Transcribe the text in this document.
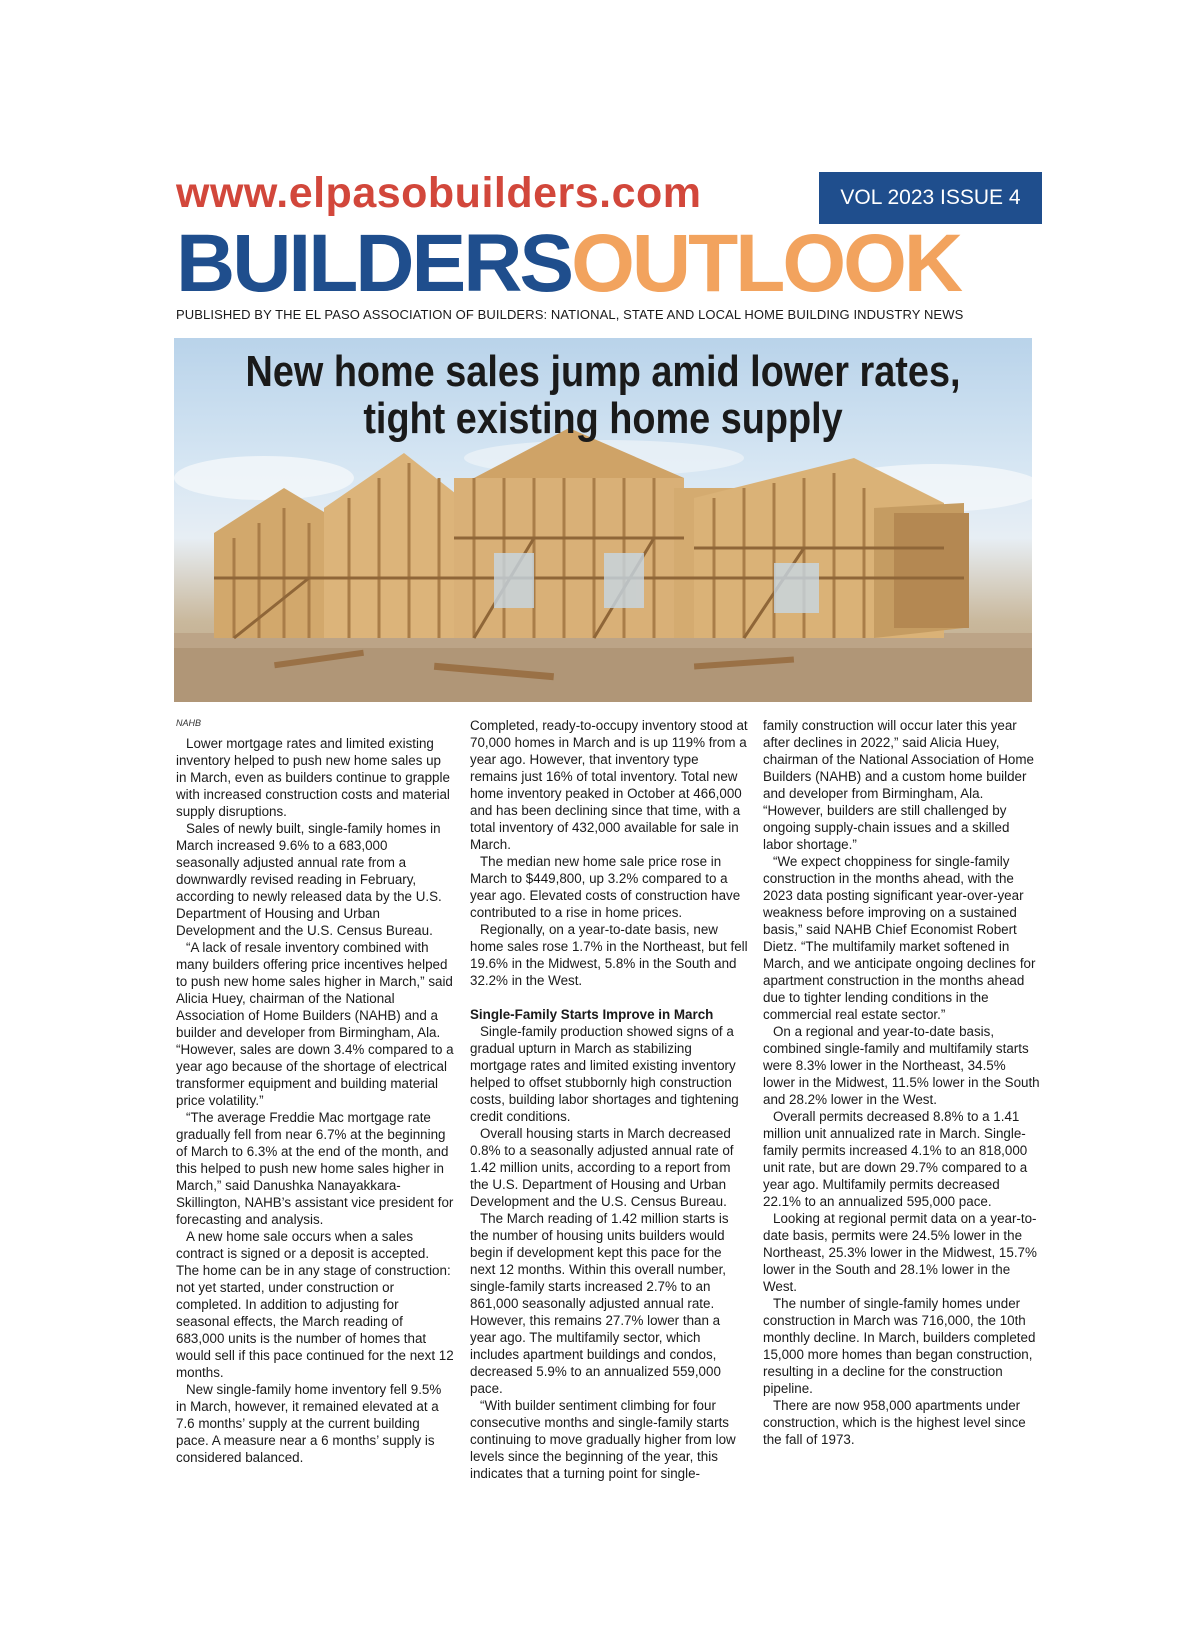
www.elpasobuilders.com	VOL 2023 ISSUE 4
BUILDERSOUTLOOK
PUBLISHED BY THE EL PASO ASSOCIATION OF BUILDERS: NATIONAL, STATE AND LOCAL HOME BUILDING INDUSTRY NEWS
New home sales jump amid lower rates,
tight existing home supply
NAHB

Lower mortgage rates and limited existing inventory helped to push new home sales up in March, even as builders continue to grapple with increased construction costs and material supply disruptions.

Sales of newly built, single-family homes in March increased 9.6% to a 683,000 seasonally adjusted annual rate from a downwardly revised reading in February, according to newly released data by the U.S. Department of Housing and Urban Development and the U.S. Census Bureau.

“A lack of resale inventory combined with many builders offering price incentives helped to push new home sales higher in March,” said Alicia Huey, chairman of the National Association of Home Builders (NAHB) and a builder and developer from Birmingham, Ala. “However, sales are down 3.4% compared to a year ago because of the shortage of electrical transformer equipment and building material price volatility.”

“The average Freddie Mac mortgage rate gradually fell from near 6.7% at the beginning of March to 6.3% at the end of the month, and this helped to push new home sales higher in March,” said Danushka Nanayakkara-Skillington, NAHB’s assistant vice president for forecasting and analysis.

A new home sale occurs when a sales contract is signed or a deposit is accepted. The home can be in any stage of construction: not yet started, under construction or completed. In addition to adjusting for seasonal effects, the March reading of 683,000 units is the number of homes that would sell if this pace continued for the next 12 months.

New single-family home inventory fell 9.5% in March, however, it remained elevated at a 7.6 months’ supply at the current building pace. A measure near a 6 months’ supply is considered balanced.

Completed, ready-to-occupy inventory stood at 70,000 homes in March and is up 119% from a year ago. However, that inventory type remains just 16% of total inventory. Total new home inventory peaked in October at 466,000 and has been declining since that time, with a total inventory of 432,000 available for sale in March.

The median new home sale price rose in March to $449,800, up 3.2% compared to a year ago. Elevated costs of construction have contributed to a rise in home prices.

Regionally, on a year-to-date basis, new home sales rose 1.7% in the Northeast, but fell 19.6% in the Midwest, 5.8% in the South and 32.2% in the West.

Single-Family Starts Improve in March

Single-family production showed signs of a gradual upturn in March as stabilizing mortgage rates and limited existing inventory helped to offset stubbornly high construction costs, building labor shortages and tightening credit conditions.

Overall housing starts in March decreased 0.8% to a seasonally adjusted annual rate of 1.42 million units, according to a report from the U.S. Department of Housing and Urban Development and the U.S. Census Bureau.

The March reading of 1.42 million starts is the number of housing units builders would begin if development kept this pace for the next 12 months. Within this overall number, single-family starts increased 2.7% to an 861,000 seasonally adjusted annual rate. However, this remains 27.7% lower than a year ago. The multifamily sector, which includes apartment buildings and condos, decreased 5.9% to an annualized 559,000 pace.

“With builder sentiment climbing for four consecutive months and single-family starts continuing to move gradually higher from low levels since the beginning of the year, this indicates that a turning point for single-

family construction will occur later this year after declines in 2022,” said Alicia Huey, chairman of the National Association of Home Builders (NAHB) and a custom home builder and developer from Birmingham, Ala. “However, builders are still challenged by ongoing supply-chain issues and a skilled labor shortage.”

“We expect choppiness for single-family construction in the months ahead, with the 2023 data posting significant year-over-year weakness before improving on a sustained basis,” said NAHB Chief Economist Robert Dietz. “The multifamily market softened in March, and we anticipate ongoing declines for apartment construction in the months ahead due to tighter lending conditions in the commercial real estate sector.”

On a regional and year-to-date basis, combined single-family and multifamily starts were 8.3% lower in the Northeast, 34.5% lower in the Midwest, 11.5% lower in the South and 28.2% lower in the West.

Overall permits decreased 8.8% to a 1.41 million unit annualized rate in March. Single-family permits increased 4.1% to an 818,000 unit rate, but are down 29.7% compared to a year ago. Multifamily permits decreased 22.1% to an annualized 595,000 pace.

Looking at regional permit data on a year-to-date basis, permits were 24.5% lower in the Northeast, 25.3% lower in the Midwest, 15.7% lower in the South and 28.1% lower in the West.

The number of single-family homes under construction in March was 716,000, the 10th monthly decline. In March, builders completed 15,000 more homes than began construction, resulting in a decline for the construction pipeline.

There are now 958,000 apartments under construction, which is the highest level since the fall of 1973.
